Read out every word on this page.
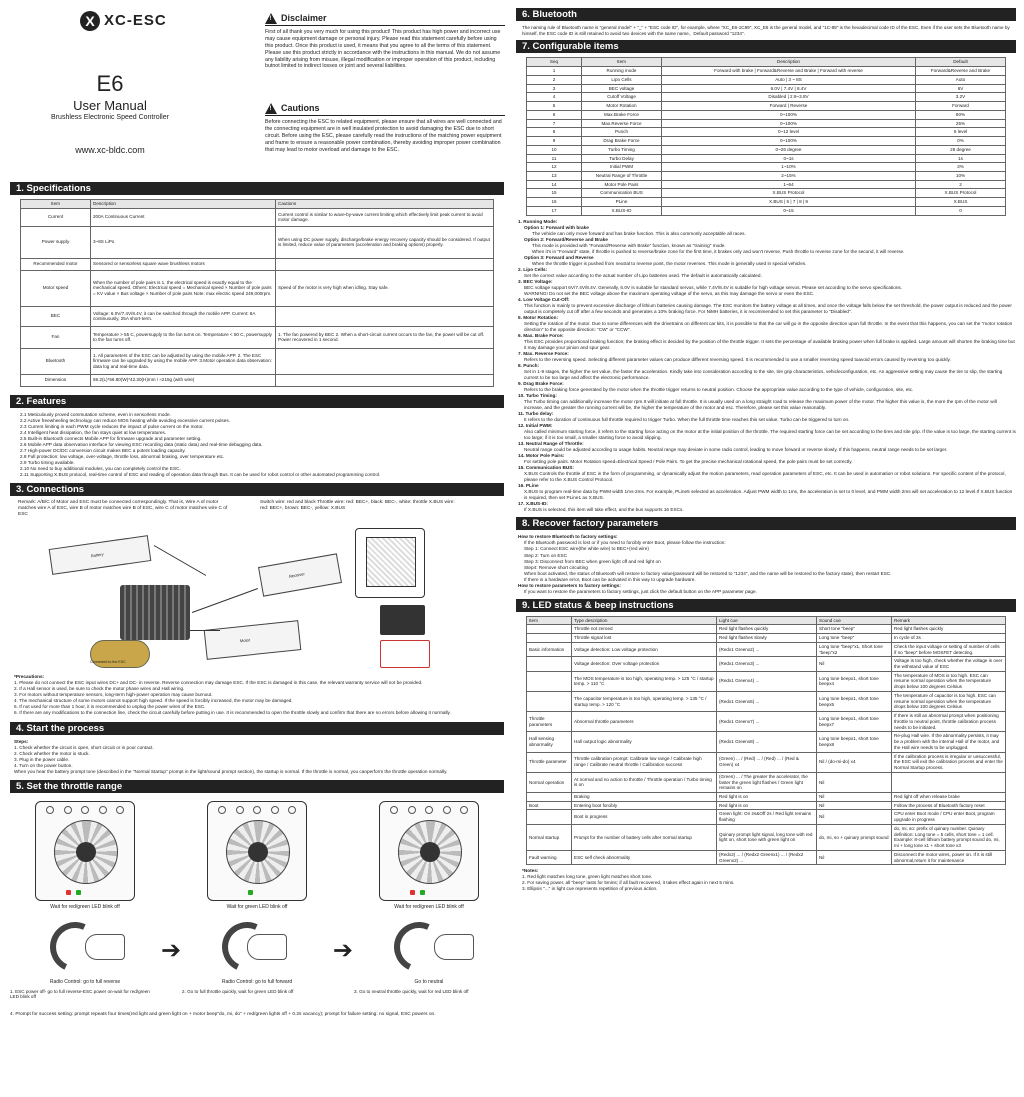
X XC-ESC
E6
User Manual
Brushless Electronic Speed Controller
www.xc-bldc.com
! Disclaimer
First of all thank you very much for using this product! This product has high power and incorrect use may cause equipment damage or personal injury. Please read this statement carefully before using this product. Once this product is used, it means that you agree to all the terms of this statement. Please use this product strictly in accordance with the instructions in this manual. We do not assume any liability arising from misuse, illegal modification or improper operation of this product, including butnot limited to indirect losses or joint and several liabilities.
! Cautions
Before connecting the ESC to related equipment, please ensure that all wires are well connected and the connecting equipment are in well insulated protection to avoid damaging the ESC due to short circuit. Before using the ESC, please carefully read the instructions of the matching power equipment and frame to ensure a reasonable power combination, thereby avoiding improper power combination that may lead to motor overload and damage to the ESC.
1. Specifications
Item	Description	Cautions
Current	200A Continuous Current	Current control is similar to wave-by-wave current limiting which effectively limit peak current to avoid motor damage.
Power supply	3~8S LiPo	When using DC power supply, discharge/brake energy recovery capacity should be considered. If output is limited, reduce value of parameters (acceleration and braking options) properly.
Recommended motor	Sensored or sensorless square wave brushless motors	
Motor speed	When the number of pole pairs is 1, the electrical speed is exactly equal to the mechanical speed. Others: Electrical speed = Mechanical speed × Number of pole pairs = KV value × Bus voltage × Number of pole pairs Note: max electric speed 249,000rpm.	Speed of the motor is very high when idling. Stay safe.
BEC	Voltage: 6.0V/7.4V/8.4V, it can be switched through the mobile APP. Current: 8A continuously, 25A short-term.	
Fan	Temperature > 55 C, powersupply to the fan turns on. Temperature < 50 C, powersupply to the fan turns off.	1. The fan powered by BEC 2. When a short-circuit current occurs to the fan, the power will be cut off. Power recovered in 1 second.
Bluetooth	1. All parameters of the ESC can be adjusted by using the mobile APP. 2. The ESC firmware can be upgraded by using the mobile APP. 3.Motor operation data observation: data log and real-time data.	
Dimension	69.2(L)*56.80(W)*42.30(H)mm / ≈215g (with wire)	
2. Features

2.1 Meticulously proved commutation scheme, even in sensorless mode.

2.2 Active freewheeling technology can reduce MOS heating while avoiding excessive current pulses.

2.3 Current limiting in each PWM cycle reduces the impact of pulse current on the motor.

2.4 Intelligent heat dissipation, the fan stays quiet at low temperatures.

2.5 Built-in Bluetooth connects Mobile APP for firmware upgrade and parameter setting.

2.6 Mobile APP data observation interface for viewing ESC recording data (static data) and real-time debugging data.

2.7 High-power DC/DC conversion circuit makes BEC a potent loading capacity.

2.8 Full protection: low voltage, over-voltage, throttle loss, abnormal braking, over temperature etc.

2.9 Turbo timing available.

2.10 No need to buy additional modules, you can completely control the ESC.

2.11 Supporting X.BUS protocol, real-time control of ESC and reading of operation data through Bus. It can be used for robot control or other automated programming control.

3. Connections
Remark: A/B/C of Motor and ESC must be connected correspondingly. That is, Wire A of motor matches wire A of ESC, wire B of motor matches wire B of ESC, wire C of motor matches wire C of ESC
Switch wire: red and black Throttle wire: red: BEC+, black: BEC-, white: throttle X.BUS wire: red: BEC+, brown: BEC-, yellow: X.BUS
Battery
Receiver
Motor
Connected to the ESC

*Precautions:

1. Please do not connect the ESC input wires DC+ and DC- in reverse. Reverse connection may damage ESC. If the ESC is damaged in this case, the relevant warranty service will not be provided.

2. If a Hall sensor is used, be sure to check the motor phase wires and Hall wiring.

3. For motors without temperature sensors, long-term high-power operation may cause burnout.

4. The mechanical structure of some motors cannot support high speed. If the speed is forcibly increased, the motor may be damaged.

5. If not used for more than 1 hour, it is recommended to unplug the power wires of the ESC.

6. If there are any modifications to the connection line, check the circuit carefully before putting in use. It is recommended to open the throttle slowly and confirm that there are no errors before allowing it normally.

4. Start the process

Steps:

1. Check whether the circuit is open, short circuit or in poor contact.

2. Check whether the motor is stuck.

3. Plug in the power cable.

4. Turn on the power button.

When you hear the battery prompt tone (described in the "Normal Startup" prompt in the light/sound prompt section), the startup is normal. If the throttle is normal, you canperform the throttle operation normally.

5. Set the throttle range
Wait for red/green LED blink off	Wait for green LED blink off	Wait for red/green LED blink off
Radio Control: go to full reverse
➔
Radio Control: go to full forward
➔
Go to neutral
1. ESC power off- go to full reverse-ESC power on-wait for red/green LED blink off
2. Go to full throttle quickly, wait for green LED blink off	3. Go to neutral throttle quickly, wait for red LED blink off
4. Prompt for success setting: prompt repeats four times(red light and green light on + motor beep"do, mi, do" + red/green lights off + 0.2s vacancy); prompt for failure setting: no signal, ESC powers on.
6. Bluetooth
The naming rule of Bluetooth name is "general model" + "_" + "ESC code ID", for example, where "XC_E6-1C89", XC_E6 is the general model, and "1C-89" is the hexadecimal code ID of the ESC. Even if the user sets the Bluetooth name by himself, the ESC code ID is still retained to avoid two devices with the same name。Default password "1234".
7. Configurable items
Seq	Item	Description	Default
1	Running mode	Forward with brake | Forward&Reverse and Brake | Forward with reverse	Forward&Reverse and Brake
2	Lipo Cells	Auto | 3 ~ 8S	Auto
3	BEC voltage	6.0V | 7.4V | 8.4V	6V
4	Cutoff Voltage	Disabled | 2.9~3.8V	3.2V
5	Motor Rotation	Forward | Reverse	Forward
6	Max.Brake Force	0~100%	60%
7	Max.Reverse Force	0~100%	25%
8	Punch	0~12 level	6 level
9	Drag Brake Force	0~100%	0%
10	Turbo Timing	0~26 degree	26 degree
11	Turbo Delay	0~1s	1s
12	Initial PWM	1~10%	3%
13	Neutral Range of Throttle	2~15%	10%
14	Motor Pole Pairs	1~64	2
15	Communication BUS	X.BUS Protocol	X.BUS Protocol
16	PLine	X.BUS | 6 | 7 | 8 | 9	X.BUS
17	X.BUS-ID	0~15	0

1. Running Mode:

Option 1: Forward with brake

The vehicle can only move forward and has brake function. This is also commonly acceptable all races.

Option 2: Forward/Reverse and Brake

This mode is provided with "Forward/Reverse with Brake" function, known as "training" mode.

When it's in "Forward" state, if throttle is pushed to reverse/brake zone for the first time, it brakes only and won't reverse. Push throttle to reverse zone for the second, it will reverse.

Option 3: Forward and Reverse

When the throttle trigger is pushed from neutral to reverse point, the motor reverses. This mode is generally used in special vehicles.

2. Lipo Cells:

Set the correct value according to the actual number of Lipo batteries used. The default is automatically calculated.

3. BEC Voltage:

BEC voltage support 6V/7.4V/8.4V. Generally, 6.0V is suitable for standard servos, while 7.4V/8.4V is suitable for high voltage servos. Please set according to the servo specifications.

WARNING! Do not set the BEC voltage above the maximum operating voltage of the servo, as this may damage the servo or even the ESC.

4. Low Voltage Cut-Off:

This function is mainly to prevent excessive discharge of lithium batteries causing damage. The ESC monitors the battery voltage at all times, and once the voltage falls below the set threshold, the power output is reduced and the power output is completely cut off after a few seconds and generates a 10% braking force. For NiMH batteries, it is recommended to set this parameter to "Disabled".

5. Motor Rotation:

Setting the rotation of the motor. Due to some differences with the drivetrains on different car kits, it is possible to that the car will go in the opposite direction upon full throttle. In the event that this happens, you can set the "motor rotation direction" to the opposite direction: "CW" or "CCW".

6. Max. Brake Force:

This ESC provides proportional braking function; the braking effect is decided by the position of the throttle trigger. It sets the percentage of available braking power when full brake is applied. Large amount will shorten the braking time but it may damage your pinion and spur gear.

7. Max. Reverse Force:

Refers to the reversing speed. Selecting different parameter values can produce different reversing speed. It is recommended to use a smaller reversing speed toavoid errors caused by reversing too quickly.

8. Punch:

Set in 1-9 stages, the higher the set value, the faster the acceleration. Kindly take into consideration according to the site, tire grip characteristics, vehicleconfiguration, etc. An aggressive setting may cause the tire to slip, the starting current to be too large and affect the electronic performance.

9. Drag Brake Force:

Refers to the braking force generated by the motor when the throttle trigger returns to neutral position. Choose the appropriate value according to the type of vehicle, configuration, site, etc.

10. Turbo Timing:

The Turbo timing can additionally increase the motor rpm.It will initiate at full throttle. It is usually used on a long straight road to release the maximum power of the motor. The higher this value is, the more the rpm of the motor will increase, and the greater the running current will be, the higher the temperature of the motor and esc. Therefore, please set this value reasonably.

11. Turbo delay:

It refers to the duration of continuous full throttle required to trigger Turbo. When the full throttle time reaches this set value, Turbo can be triggered to turn on.

12. Initial PWM:

Also called minimum starting force, it refers to the starting force acting on the motor at the initial position of the throttle. The required starting force can be set according to the tires and site grip. If the value is too large, the starting current is too large; if it is too small, a smaller starting force to avoid slipping.

13. Neutral Range of Throttle:

Neutral range could be adjusted according to usage habits. Neutral range may deviate in some radio control, leading to move forward or reverse slowly. If this happens, neutral range needs to be set larger.

14. Motor Pole Pairs:

For setting pole pairs. Motor Rotation speed=Electrical Speed / Pole Pairs. To get the precise mechanical rotational speed, the pole pairs must be set correctly.

15. Communication BUS:

X.BUS Controls the throttle of ESC in the form of programming, or dynamically adjust the motion parameters, read operation parameters of ESC, etc. It can be used in automation or robot solutions. For specific content of the protocol, please refer to the X.BUS Control Protocol.

16. PLine

X.BUS to program real-time data by PWM width 1ms-2ms. For example, PLine5 selected as acceleration. Adjust PWM width to 1ms, the acceleration is set to 0 level, and PWM width 2ms will set acceleration to 12 level.If X.BUS function is required, then set PLine1 as X.BUS.

17. X.BUS-ID:

If X.BUS is selected, this item will take effect, and the bus supports 16 ESCs.

8. Recover factory parameters

How to restore Bluetooth to factory settings:

If the Bluetooth password is lost or if you need to forcibly enter Boot, please follow the instruction:

Step 1: Connect ESC wire(the white wire) to BEC+(red wire)

Step 2: Turn on ESC

Step 3: Disconnect from BEC when green light off and red light on

Step4: Remove short circuiting

When boot activated, the status of Bluetooth will restore to factory value(password will be restored to "1234", and the name will be restored to the factory state), then restart ESC.

If there is a hardware error, Boot can be activated in this way to upgrade hardware.

How to restore parameters to factory settings:

If you want to restore the parameters to factory settings, just click the default button on the APP parameter page.

9. LED status & beep instructions
Item	Type description	Light cue	Sound cue	Remark
	Throttle not zeroed	Red light flashes quickly	Short tone "beep"	Red light flashes quickly
	Throttle signal lost	Red light flashes slowly	Long tone "beep"	In cycle of 2s
Basic information	Voltage detection: Low voltage protection	(Redx1 Greenx2) ...	Long tone "beep"x1, Short tone "beep"x2	Check the input voltage or setting of number of cells if no "beep" before MOSFET detecting.
	Voltage detection: Over voltage protection	(Redx1 Greenx3) ...	Nil	Voltage is too high, check whether the voltage is over the withstand value of ESC
	The MOS temperature is too high, operating temp. > 125 °C / startup temp. > 110 °C	(Redx1 Greenx4) ...	Long tone beepx1, short tone beepx4	The temperature of MOS is too high. ESC can resume normal operation when the temperature drops below 100 degrees Celsius
	The capacitor temperature is too high, operating temp. > 135 °C / startup temp. > 120 °C	(Redx1 Greenx5) ...	Long tone beepx1, short tone beepx5	The temperature of capacitor is too high. ESC can resume normal operation when the temperature drops below 100 degrees Celsius
Throttle parameters	Abnormal throttle parameters	(Redx1 Greenx7) ...	Long tone beepx1, short tone beepx7	If there is still an abnormal prompt when positioning throttle to neutral point, throttle calibration process needs to be initiated.
Hall sensing abnormality	Hall output logic abnormality	(Redx1 Greenx8) ...	Long tone beepx1, short tone beepx8	Re-plug Hall wire. If the abnormality persists, it may be a problem with the internal Hall of the motor, and the Hall wire needs to be unplugged.
Throttle parameter	Throttle calibration prompt: Calibrate low range / Calibrate high range / Calibrate neutral throttle / Calibration success	(Green) ... / (Red) ... / (Red) ... / (Red & Green) x4	Nil / (do-mi-do) x4	If the calibration process is irregular or unsuccessful, the ESC will exit the calibration process and enter the Normal Startup process.
Normal operation	At normal and no action to throttle / Throttle operation / Turbo timing is on	(Green) ... / The greater the accelerator, the faster the green light flashes / Green light remains on	Nil	
	Braking	Red light is on	Nil	Red light off when release brake
Boot	Entering boot forcibly	Red light is on	Nil	Follow the process of Bluetooth factory reset
	Boot in progress	Green light: On 2s&Off 2s / Red light remains flashing	Nil	CPU enter Boot mode / CPU enter Boot, program upgrade in progress
Normal startup	Prompt for the number of battery cells after normal startup	Quinary prompt light signal, long tone with red light on, short tone with green light on	do, mi, so + quinary prompt sound	do, mi, so: prefix of quinary number. Quinary definition: Long tone = 5 cells, short tone = 1 cell. Example: 8-cell lithium battery prompt sound do, mi, mi + long tone x1 + short tone x3
Fault warning	ESC self check abnormality	(Redx2) ... / (Redx2 Greenx1) ... / (Redx2 Greenx2) ...	Nil	Disconnect the motor wires, power on. If it is still abnormal,return it for maintenance

*Notes:

1. Red light matches long tone, green light matches short tone.

2. For saving power, all "beep" lasts for 5mins; if all fault recovered, it takes effect again in next 5 mins.

3. Ellipsis "..." in light cue represents repetition of previous action.
